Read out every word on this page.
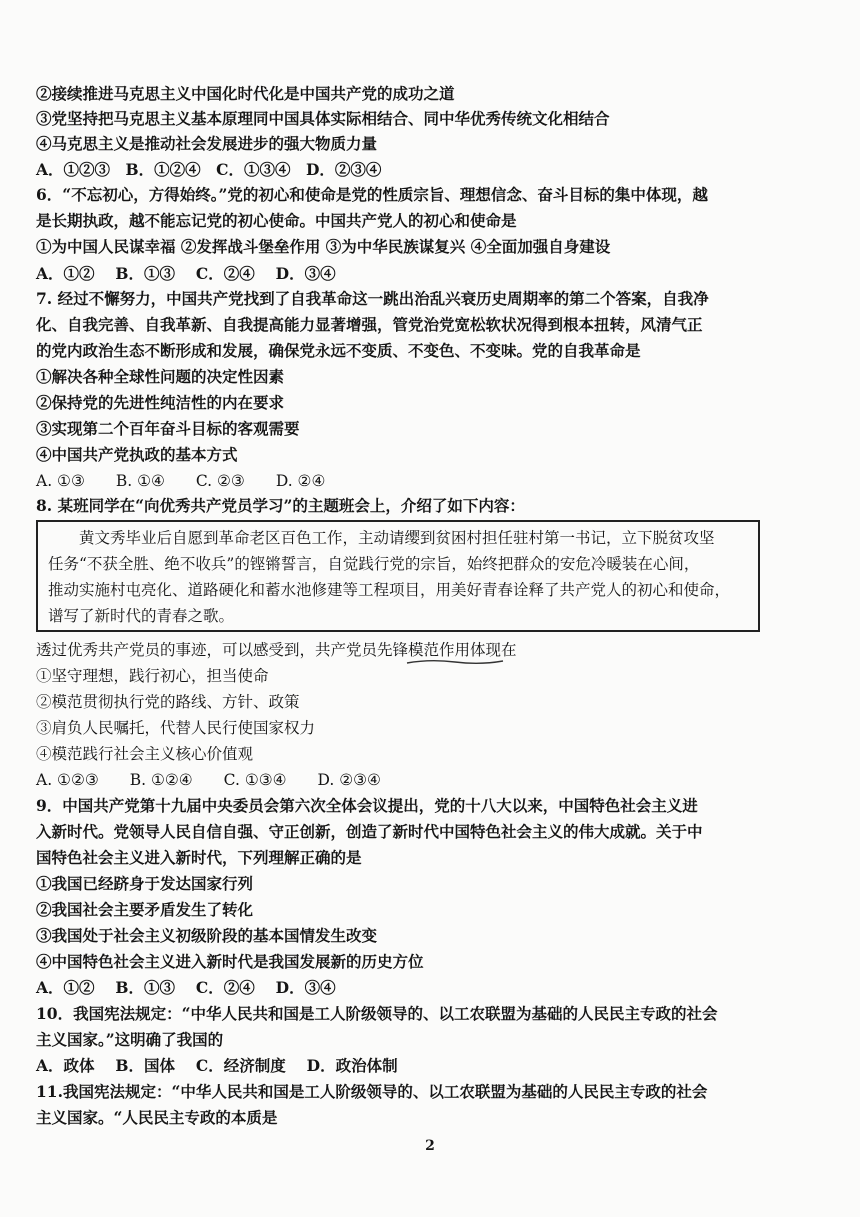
②接续推进马克思主义中国化时代化是中国共产党的成功之道
③党坚持把马克思主义基本原理同中国具体实际相结合、同中华优秀传统文化相结合
④马克思主义是推动社会发展进步的强大物质力量
A．①②③　B．①②④　C．①③④　D．②③④
6．“不忘初心，方得始终。”党的初心和使命是党的性质宗旨、理想信念、奋斗目标的集中体现，越
是长期执政，越不能忘记党的初心使命。中国共产党人的初心和使命是
①为中国人民谋幸福 ②发挥战斗堡垒作用 ③为中华民族谋复兴 ④全面加强自身建设
A．①②　 B．①③　 C．②④　 D．③④
7. 经过不懈努力，中国共产党找到了自我革命这一跳出治乱兴衰历史周期率的第二个答案，自我净
化、自我完善、自我革新、自我提高能力显著增强，管党治党宽松软状况得到根本扭转，风清气正
的党内政治生态不断形成和发展，确保党永远不变质、不变色、不变味。党的自我革命是
①解决各种全球性问题的决定性因素
②保持党的先进性纯洁性的内在要求
③实现第二个百年奋斗目标的客观需要
④中国共产党执政的基本方式
A. ①③　　B. ①④　　C. ②③　　D. ②④
8. 某班同学在“向优秀共产党员学习”的主题班会上，介绍了如下内容：
　　黄文秀毕业后自愿到革命老区百色工作，主动请缨到贫困村担任驻村第一书记，立下脱贫攻坚
任务“不获全胜、绝不收兵”的铿锵誓言，自觉践行党的宗旨，始终把群众的安危冷暖装在心间，
推动实施村屯亮化、道路硬化和蓄水池修建等工程项目，用美好青春诠释了共产党人的初心和使命，
谱写了新时代的青春之歌。
透过优秀共产党员的事迹，可以感受到，共产党员先锋模范作用体现在
①坚守理想，践行初心，担当使命
②模范贯彻执行党的路线、方针、政策
③肩负人民嘱托，代替人民行使国家权力
④模范践行社会主义核心价值观
A. ①②③　　B. ①②④　　C. ①③④　　D. ②③④
9．中国共产党第十九届中央委员会第六次全体会议提出，党的十八大以来，中国特色社会主义进
入新时代。党领导人民自信自强、守正创新，创造了新时代中国特色社会主义的伟大成就。关于中
国特色社会主义进入新时代，下列理解正确的是
①我国已经跻身于发达国家行列
②我国社会主要矛盾发生了转化
③我国处于社会主义初级阶段的基本国情发生改变
④中国特色社会主义进入新时代是我国发展新的历史方位
A．①②　 B．①③　 C．②④　 D．③④
10．我国宪法规定：“中华人民共和国是工人阶级领导的、以工农联盟为基础的人民民主专政的社会
主义国家。”这明确了我国的
A．政体　 B．国体　 C．经济制度　 D．政治体制
11.我国宪法规定：“中华人民共和国是工人阶级领导的、以工农联盟为基础的人民民主专政的社会
主义国家。“人民民主专政的本质是
2
